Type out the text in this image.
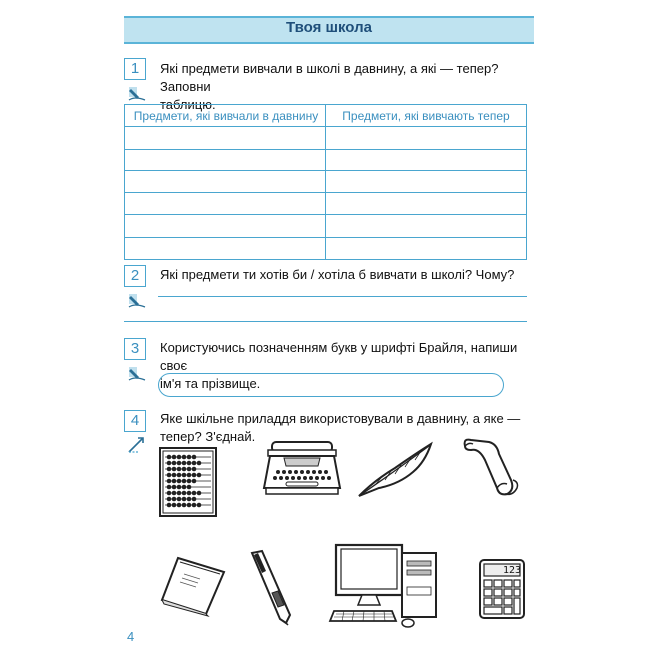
Твоя школа
1	Які предмети вивчали в школі в давнину, а які — тепер? Заповни
таблицю.
Предмети, які вивчали в давнину	Предмети, які вивчають тепер
2	Які предмети ти хотів би / хотіла б вивчати в школі? Чому?
3	Користуючись позначенням букв у шрифті Брайля, напиши своє
ім'я та прізвище.
4	Яке шкільне приладдя використовували в давнину, а яке —
тепер? З'єднай.
123
4
